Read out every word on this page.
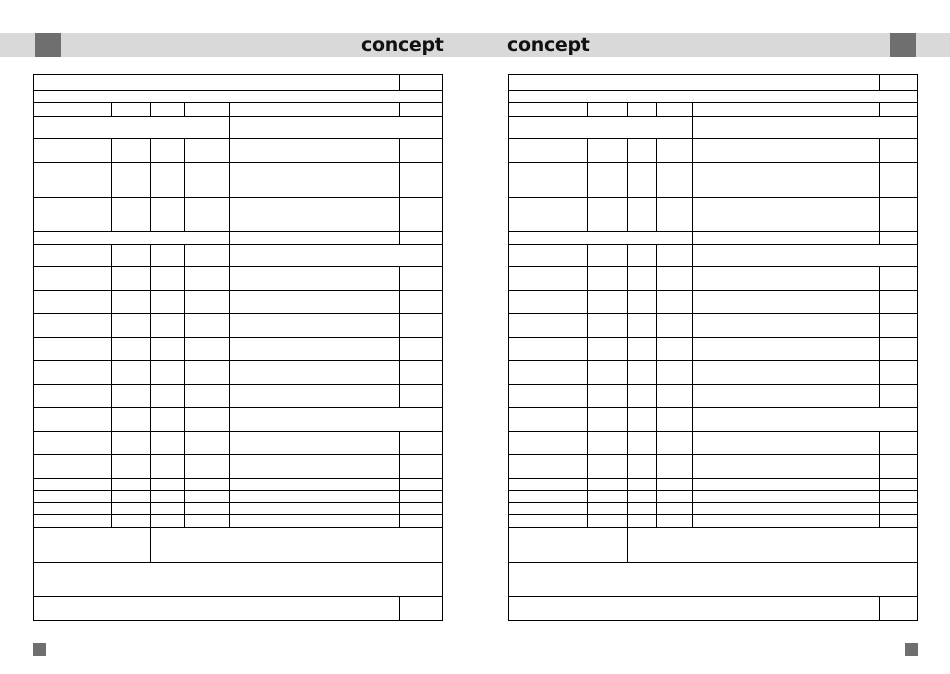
concept	concept
